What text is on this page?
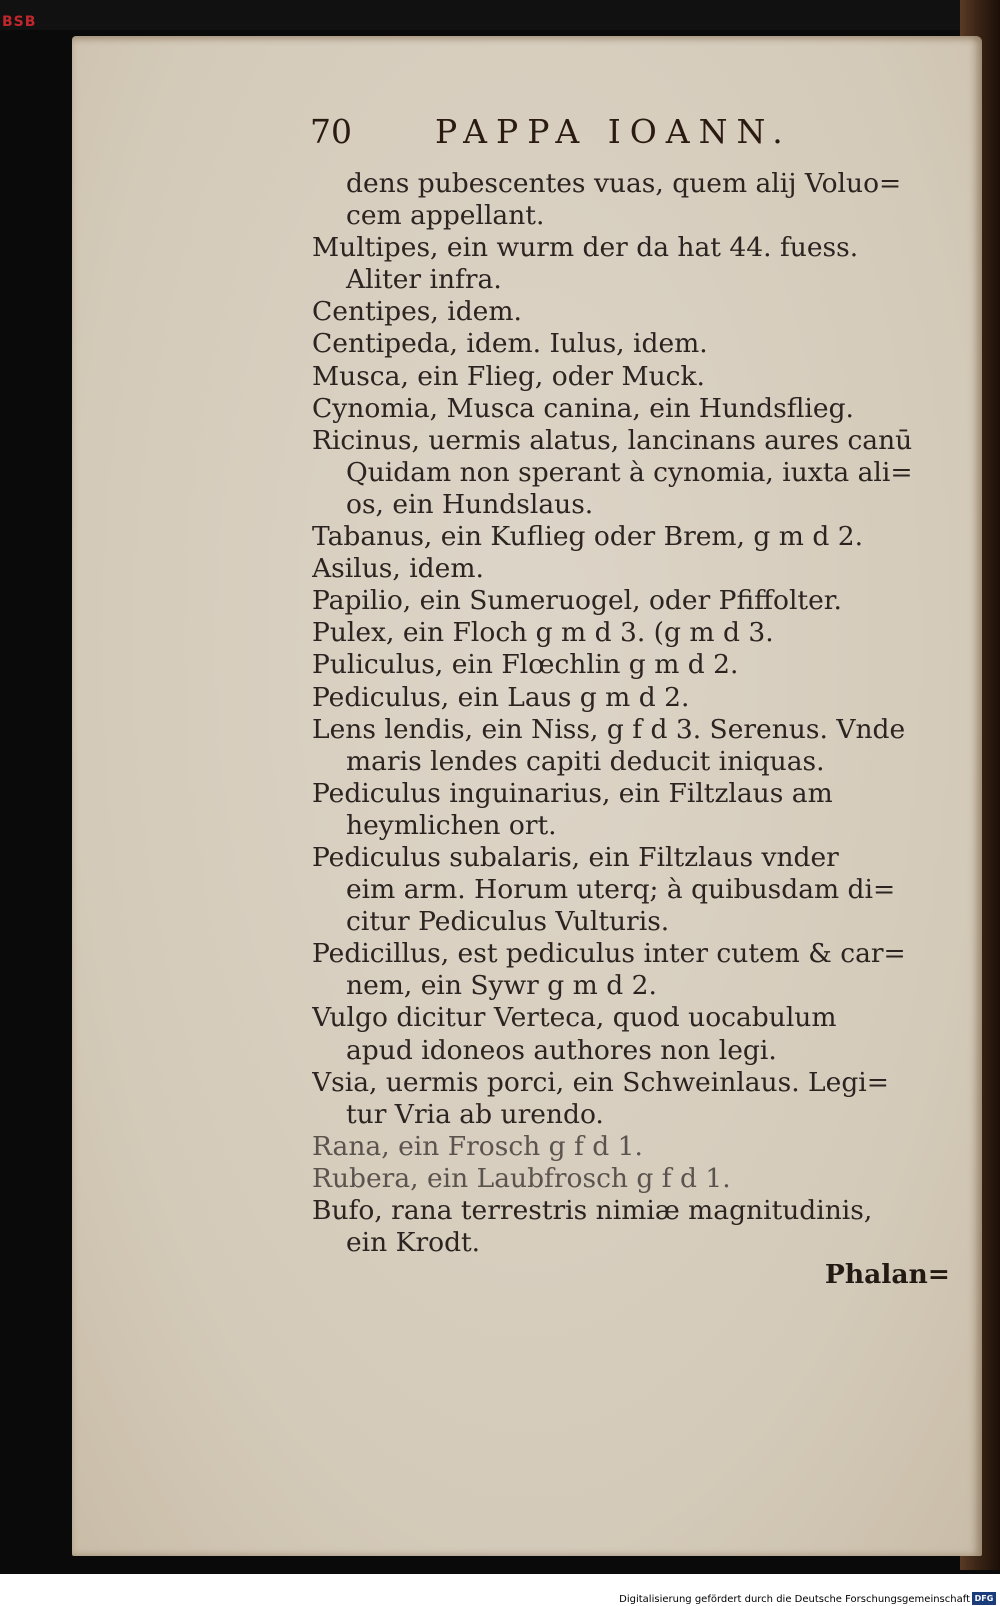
BSB
70	PAPPA IOANN.
dens pubescentes vuas, quem alij Voluo=
cem appellant.
Multipes, ein wurm der da hat 44. fuess.
Aliter infra.
Centipes, idem.
Centipeda, idem. Iulus, idem.
Musca, ein Flieg, oder Muck.
Cynomia, Musca canina, ein Hundsflieg.
Ricinus, uermis alatus, lancinans aures canū
Quidam non sperant à cynomia, iuxta ali=
os, ein Hundslaus.
Tabanus, ein Kuflieg oder Brem, g m d 2.
Asilus, idem.
Papilio, ein Sumeruogel, oder Pfiffolter.
Pulex, ein Floch g m d 3. (g m d 3.
Puliculus, ein Flœchlin g m d 2.
Pediculus, ein Laus g m d 2.
Lens lendis, ein Niss, g f d 3. Serenus. Vnde
maris lendes capiti deducit iniquas.
Pediculus inguinarius, ein Filtzlaus am
heymlichen ort.
Pediculus subalaris, ein Filtzlaus vnder
eim arm. Horum uterq; à quibusdam di=
citur Pediculus Vulturis.
Pedicillus, est pediculus inter cutem & car=
nem, ein Sywr g m d 2.
Vulgo dicitur Verteca, quod uocabulum
apud idoneos authores non legi.
Vsia, uermis porci, ein Schweinlaus. Legi=
tur Vria ab urendo.
Rana, ein Frosch g f d 1.
Rubera, ein Laubfrosch g f d 1.
Bufo, rana terrestris nimiæ magnitudinis,
ein Krodt.
Phalan=
Digitalisierung gefördert durch die Deutsche Forschungsgemeinschaft DFG
